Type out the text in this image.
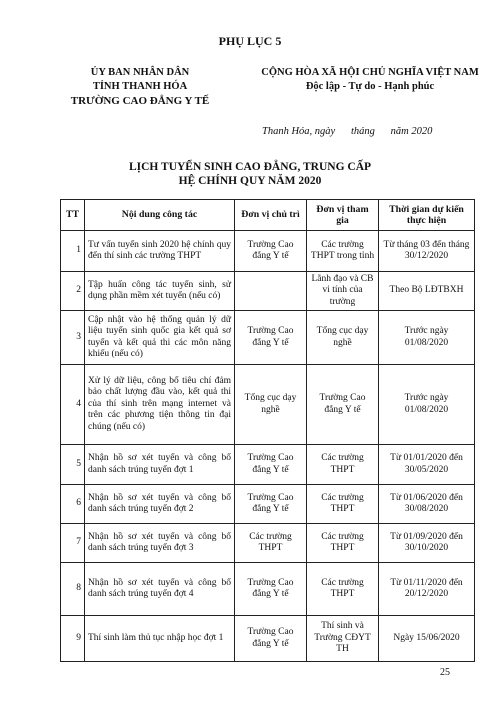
PHỤ LỤC 5
ỦY BAN NHÂN DÂN
TỈNH THANH HÓA
TRƯỜNG CAO ĐẲNG Y TẾ
CỘNG HÒA XÃ HỘI CHỦ NGHĨA VIỆT NAM
Độc lập - Tự do - Hạnh phúc
Thanh Hóa, ngày      tháng      năm 2020
LỊCH TUYỂN SINH CAO ĐẲNG, TRUNG CẤP
HỆ CHÍNH QUY NĂM 2020
TT	Nội dung công tác	Đơn vị chủ trì	Đơn vị tham gia	Thời gian dự kiến thực hiện
1	Tư vấn tuyển sinh 2020 hệ chính quy đến thí sinh các trường THPT	Trường Cao đẳng Y tế	Các trường THPT trong tỉnh	Từ tháng 03 đến tháng 30/12/2020
2	Tập huấn công tác tuyển sinh, sử dụng phần mềm xét tuyển (nếu có)		Lãnh đạo và CB vi tính của trường	Theo Bộ LĐTBXH
3	Cập nhật vào hệ thống quản lý dữ liệu tuyển sinh quốc gia kết quả sơ tuyển và kết quả thi các môn năng khiếu (nếu có)	Trường Cao đẳng Y tế	Tổng cục dạy nghề	Trước ngày 01/08/2020
4	Xử lý dữ liệu, công bố tiêu chí đảm bảo chất lượng đầu vào, kết quả thi của thí sinh trên mạng internet và trên các phương tiện thông tin đại chúng (nếu có)	Tổng cục dạy nghề	Trường Cao đẳng Y tế	Trước ngày 01/08/2020
5	Nhận hồ sơ xét tuyển và công bố danh sách trúng tuyển đợt 1	Trường Cao đẳng Y tế	Các trường THPT	Từ 01/01/2020 đến 30/05/2020
6	Nhận hồ sơ xét tuyển và công bố danh sách trúng tuyển đợt 2	Trường Cao đẳng Y tế	Các trường THPT	Từ 01/06/2020 đến 30/08/2020
7	Nhận hồ sơ xét tuyển và công bố danh sách trúng tuyển đợt 3	Các trường THPT	Các trường THPT	Từ 01/09/2020 đến 30/10/2020
8	Nhận hồ sơ xét tuyển và công bố danh sách trúng tuyển đợt 4	Trường Cao đẳng Y tế	Các trường THPT	Từ 01/11/2020 đến 20/12/2020
9	Thí sinh làm thủ tục nhập học đợt 1	Trường Cao đẳng Y tế	Thí sinh và Trường CĐYT TH	Ngày 15/06/2020
25
